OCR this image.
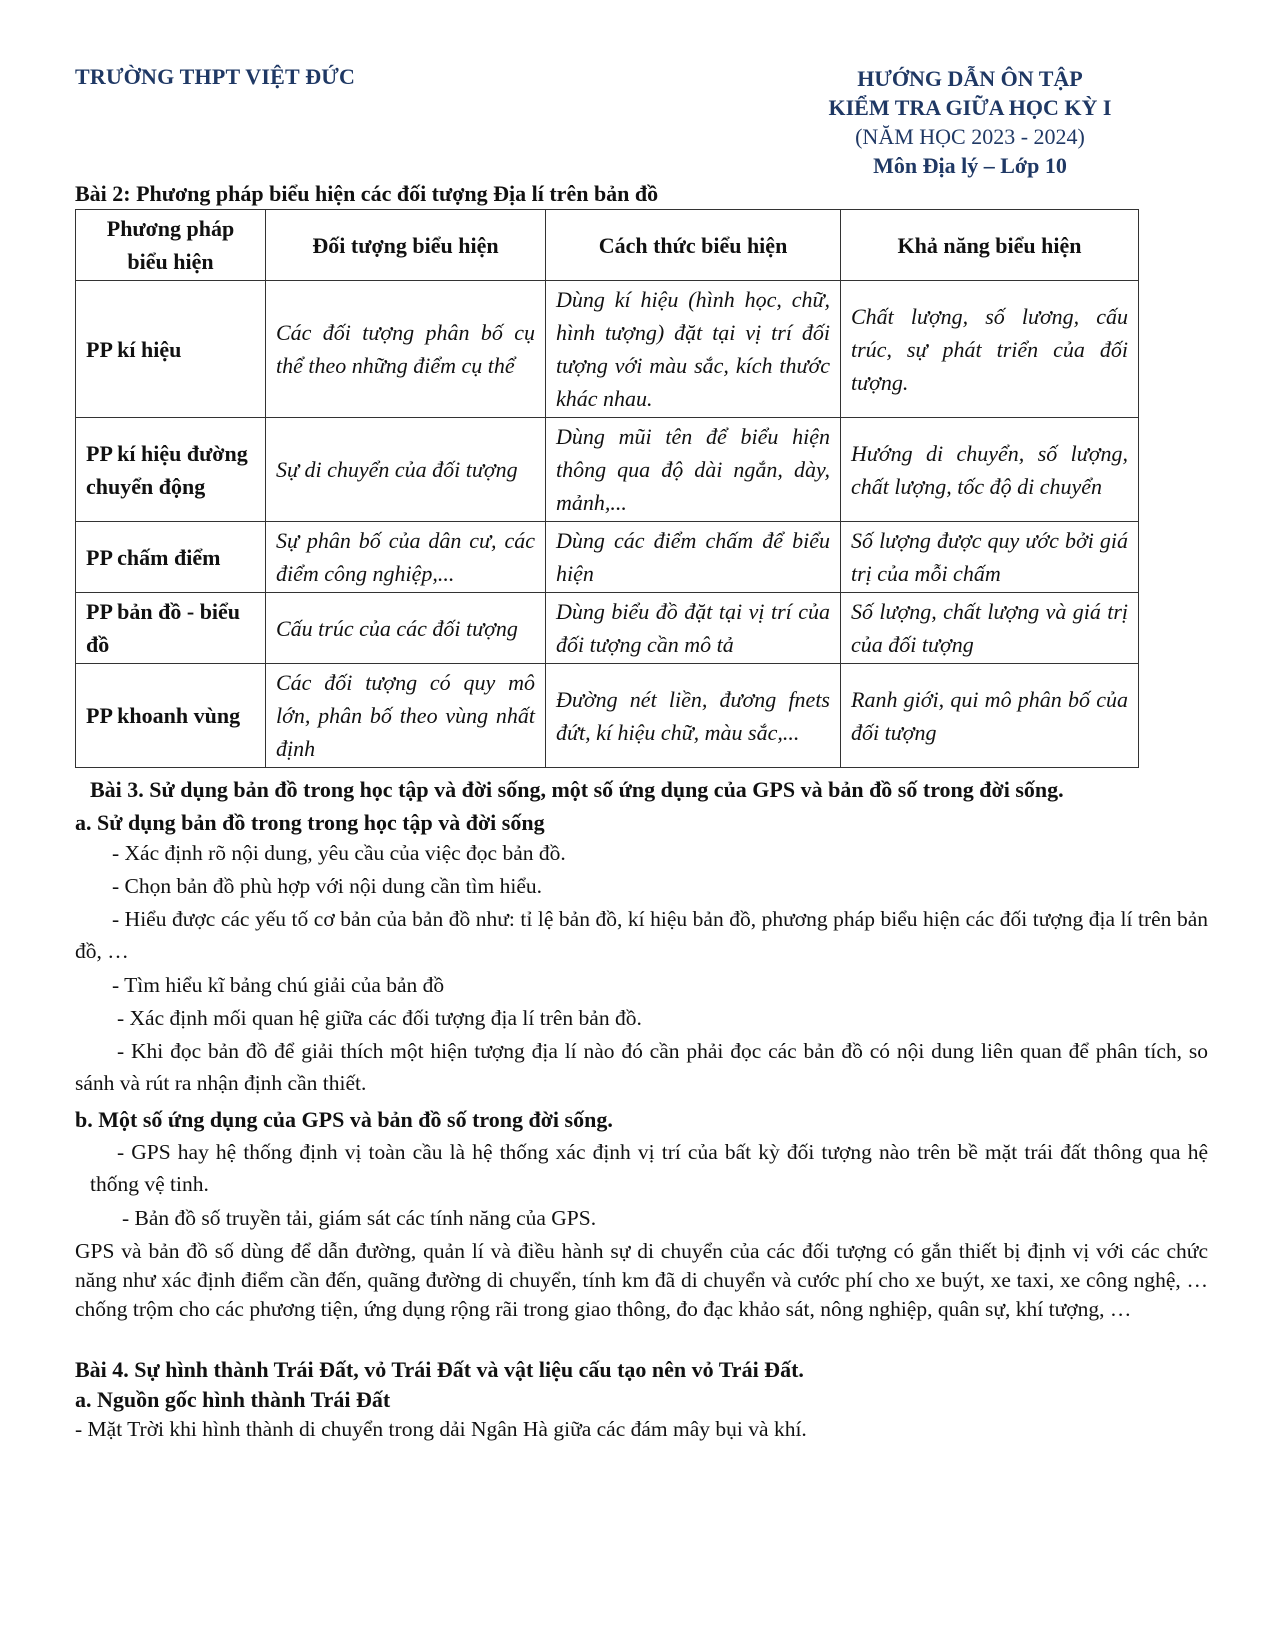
TRƯỜNG THPT VIỆT ĐỨC	HƯỚNG DẪN ÔN TẬP
KIỂM TRA GIỮA HỌC KỲ I
(NĂM HỌC 2023 - 2024)
Môn Địa lý – Lớp 10
Bài 2: Phương pháp biểu hiện các đối tượng Địa lí trên bản đồ
Phương pháp biểu hiện	Đối tượng biểu hiện	Cách thức biểu hiện	Khả năng biểu hiện
PP kí hiệu	Các đối tượng phân bố cụ thể theo những điểm cụ thể	Dùng kí hiệu (hình học, chữ, hình tượng) đặt tại vị trí đối tượng với màu sắc, kích thước khác nhau.	Chất lượng, số lương, cấu trúc, sự phát triển của đối tượng.
PP kí hiệu đường chuyển động	Sự di chuyển của đối tượng	Dùng mũi tên để biểu hiện thông qua độ dài ngắn, dày, mảnh,...	Hướng di chuyển, số lượng, chất lượng, tốc độ di chuyển
PP chấm điểm	Sự phân bố của dân cư, các điểm công nghiệp,...	Dùng các điểm chấm để biểu hiện	Số lượng được quy ước bởi giá trị của mỗi chấm
PP bản đồ - biểu đồ	Cấu trúc của các đối tượng	Dùng biểu đồ đặt tại vị trí của đối tượng cần mô tả	Số lượng, chất lượng và giá trị của đối tượng
PP khoanh vùng	Các đối tượng có quy mô lớn, phân bố theo vùng nhất định	Đường nét liền, đương fnets đứt, kí hiệu chữ, màu sắc,...	Ranh giới, qui mô phân bố của đối tượng
Bài 3. Sử dụng bản đồ trong học tập và đời sống, một số ứng dụng của GPS và bản đồ số trong đời sống.
a. Sử dụng bản đồ trong trong học tập và đời sống
- Xác định rõ nội dung, yêu cầu của việc đọc bản đồ.
- Chọn bản đồ phù hợp với nội dung cần tìm hiểu.
- Hiểu được các yếu tố cơ bản của bản đồ như: tỉ lệ bản đồ, kí hiệu bản đồ, phương pháp biểu hiện các đối tượng địa lí trên bản đồ, …
- Tìm hiểu kĩ bảng chú giải của bản đồ
- Xác định mối quan hệ giữa các đối tượng địa lí trên bản đồ.
- Khi đọc bản đồ để giải thích một hiện tượng địa lí nào đó cần phải đọc các bản đồ có nội dung liên quan để phân tích, so sánh và rút ra nhận định cần thiết.
b. Một số ứng dụng của GPS và bản đồ số trong đời sống.
- GPS hay hệ thống định vị toàn cầu là hệ thống xác định vị trí của bất kỳ đối tượng nào trên bề mặt trái đất thông qua hệ thống vệ tinh.
- Bản đồ số truyền tải, giám sát các tính năng của GPS.
GPS và bản đồ số dùng để dẫn đường, quản lí và điều hành sự di chuyển của các đối tượng có gắn thiết bị định vị với các chức năng như xác định điểm cần đến, quãng đường di chuyển, tính km đã di chuyển và cước phí cho xe buýt, xe taxi, xe công nghệ, … chống trộm cho các phương tiện, ứng dụng rộng rãi trong giao thông, đo đạc khảo sát, nông nghiệp, quân sự, khí tượng, …
Bài 4. Sự hình thành Trái Đất, vỏ Trái Đất và vật liệu cấu tạo nên vỏ Trái Đất.
a. Nguồn gốc hình thành Trái Đất
- Mặt Trời khi hình thành di chuyển trong dải Ngân Hà giữa các đám mây bụi và khí.
